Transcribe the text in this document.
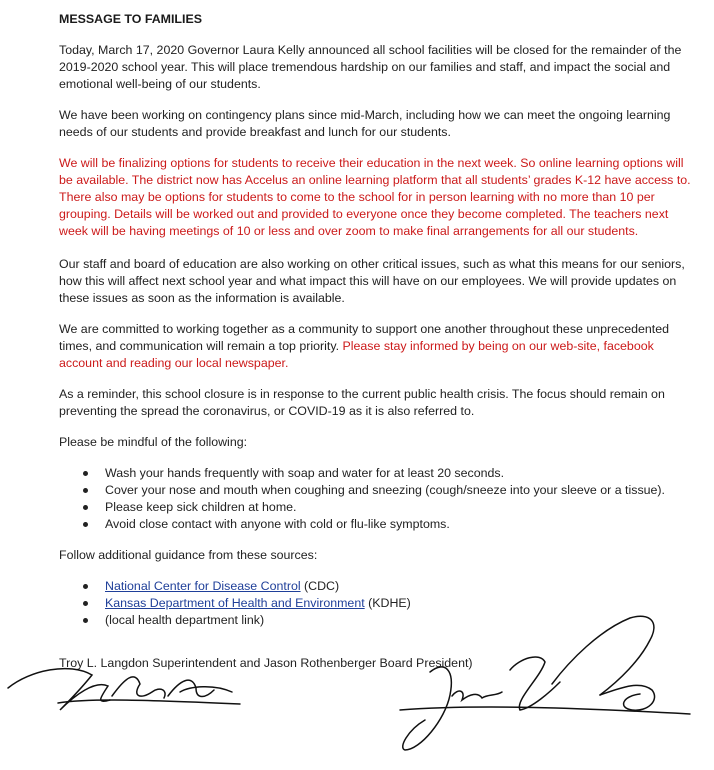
MESSAGE TO FAMILIES

Today, March 17, 2020 Governor Laura Kelly announced all school facilities will be closed for the remainder of the 2019-2020 school year. This will place tremendous hardship on our families and staff, and impact the social and emotional well-being of our students.

We have been working on contingency plans since mid-March, including how we can meet the ongoing learning needs of our students and provide breakfast and lunch for our students.

We will be finalizing options for students to receive their education in the next week. So online learning options will be available. The district now has Accelus an online learning platform that all students’ grades K-12 have access to. There also may be options for students to come to the school for in person learning with no more than 10 per grouping. Details will be worked out and provided to everyone once they become completed. The teachers next week will be having meetings of 10 or less and over zoom to make final arrangements for all our students.

Our staff and board of education are also working on other critical issues, such as what this means for our seniors, how this will affect next school year and what impact this will have on our employees. We will provide updates on these issues as soon as the information is available.

We are committed to working together as a community to support one another throughout these unprecedented times, and communication will remain a top priority. Please stay informed by being on our web-site, facebook account and reading our local newspaper.

As a reminder, this school closure is in response to the current public health crisis. The focus should remain on preventing the spread the coronavirus, or COVID-19 as it is also referred to.

Please be mindful of the following:

Wash your hands frequently with soap and water for at least 20 seconds.
Cover your nose and mouth when coughing and sneezing (cough/sneeze into your sleeve or a tissue).
Please keep sick children at home.
Avoid close contact with anyone with cold or flu-like symptoms.

Follow additional guidance from these sources:

National Center for Disease Control (CDC)
Kansas Department of Health and Environment (KDHE)
(local health department link)
Troy L. Langdon Superintendent and Jason Rothenberger Board President)
